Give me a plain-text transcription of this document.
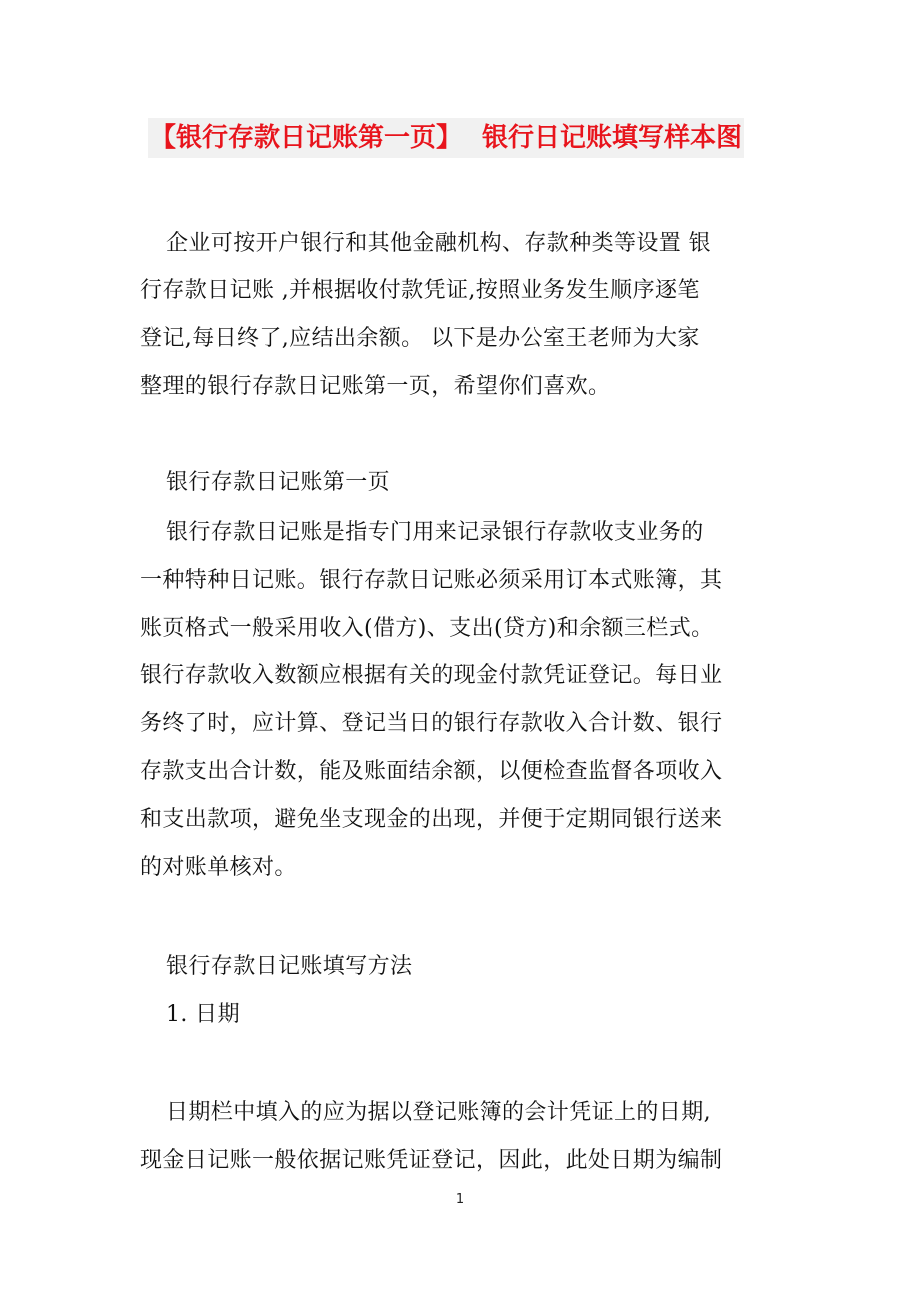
【银行存款日记账第一页】 银行日记账填写样本图
企业可按开户银行和其他金融机构、存款种类等设置 银
行存款日记账 ,并根据收付款凭证,按照业务发生顺序逐笔
登记,每日终了,应结出余额。 以下是办公室王老师为大家
整理的银行存款日记账第一页，希望你们喜欢。
银行存款日记账第一页
银行存款日记账是指专门用来记录银行存款收支业务的
一种特种日记账。银行存款日记账必须采用订本式账簿，其
账页格式一般采用收入(借方)、支出(贷方)和余额三栏式。
银行存款收入数额应根据有关的现金付款凭证登记。每日业
务终了时，应计算、登记当日的银行存款收入合计数、银行
存款支出合计数，能及账面结余额，以便检查监督各项收入
和支出款项，避免坐支现金的出现，并便于定期同银行送来
的对账单核对。
银行存款日记账填写方法
1. 日期
日期栏中填入的应为据以登记账簿的会计凭证上的日期,
现金日记账一般依据记账凭证登记，因此，此处日期为编制
1
